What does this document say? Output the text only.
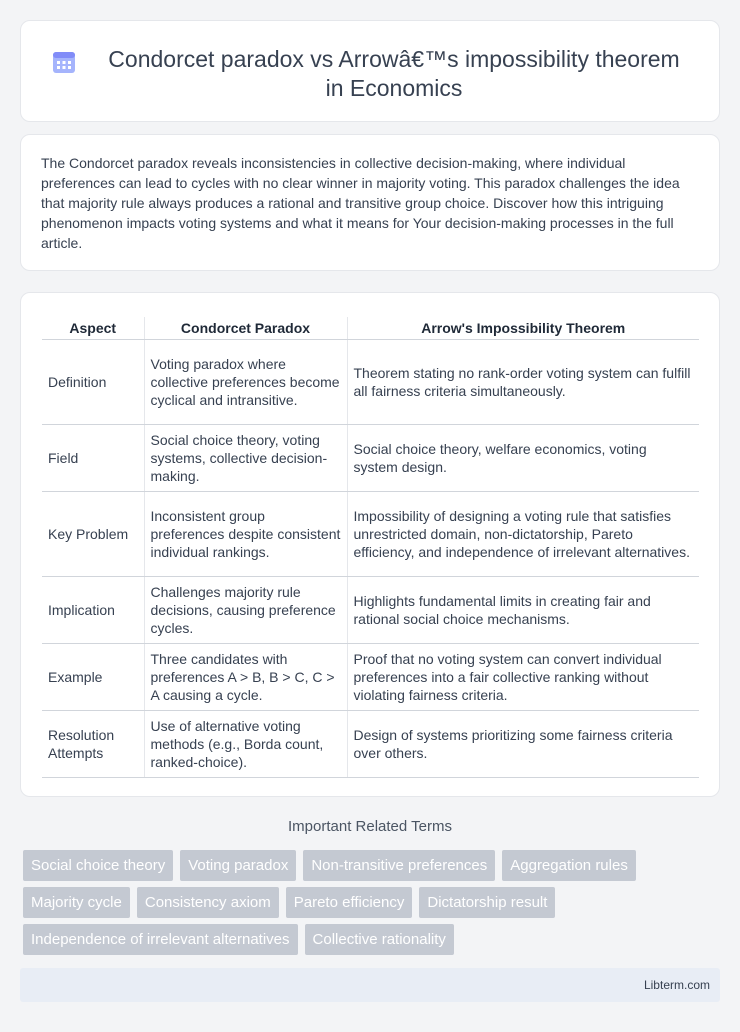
Condorcet paradox vs Arrowâ€™s impossibility theorem in Economics

The Condorcet paradox reveals inconsistencies in collective decision-making, where individual preferences can lead to cycles with no clear winner in majority voting. This paradox challenges the idea that majority rule always produces a rational and transitive group choice. Discover how this intriguing phenomenon impacts voting systems and what it means for Your decision-making processes in the full article.

Aspect	Condorcet Paradox	Arrow's Impossibility Theorem
Definition	Voting paradox where collective preferences become cyclical and intransitive.	Theorem stating no rank-order voting system can fulfill all fairness criteria simultaneously.
Field	Social choice theory, voting systems, collective decision-making.	Social choice theory, welfare economics, voting system design.
Key Problem	Inconsistent group preferences despite consistent individual rankings.	Impossibility of designing a voting rule that satisfies unrestricted domain, non-dictatorship, Pareto efficiency, and independence of irrelevant alternatives.
Implication	Challenges majority rule decisions, causing preference cycles.	Highlights fundamental limits in creating fair and rational social choice mechanisms.
Example	Three candidates with preferences A > B, B > C, C > A causing a cycle.	Proof that no voting system can convert individual preferences into a fair collective ranking without violating fairness criteria.
Resolution Attempts	Use of alternative voting methods (e.g., Borda count, ranked-choice).	Design of systems prioritizing some fairness criteria over others.
Important Related Terms
Social choice theory	Voting paradox	Non-transitive preferences	Aggregation rules
Majority cycle	Consistency axiom	Pareto efficiency	Dictatorship result
Independence of irrelevant alternatives	Collective rationality
Libterm.com
